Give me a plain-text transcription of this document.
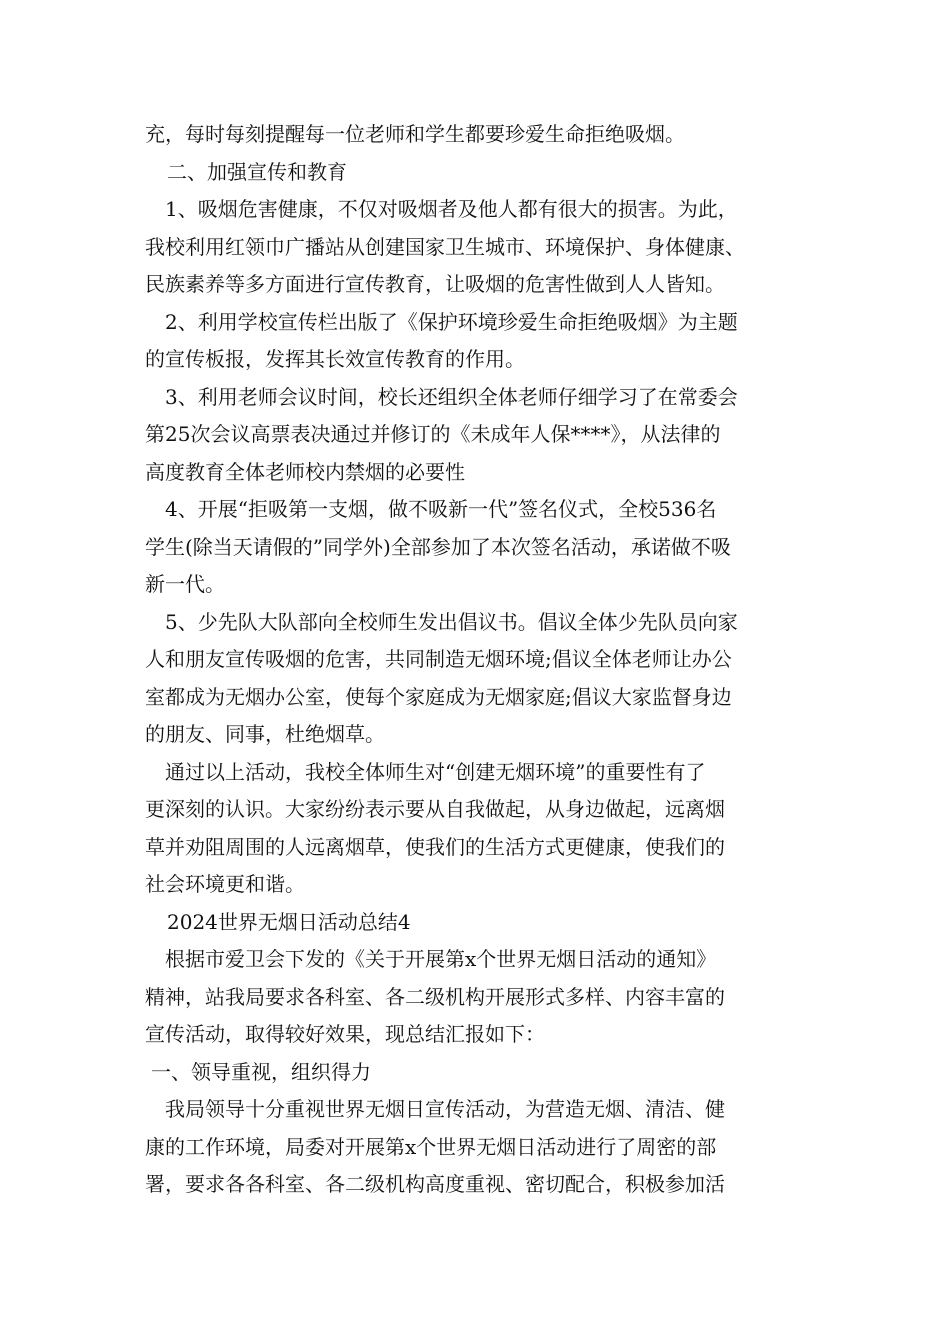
充，每时每刻提醒每一位老师和学生都要珍爱生命拒绝吸烟。
二、加强宣传和教育
1、吸烟危害健康，不仅对吸烟者及他人都有很大的损害。为此，
我校利用红领巾广播站从创建国家卫生城市、环境保护、身体健康、
民族素养等多方面进行宣传教育，让吸烟的危害性做到人人皆知。
2、利用学校宣传栏出版了《保护环境珍爱生命拒绝吸烟》为主题
的宣传板报，发挥其长效宣传教育的作用。
3、利用老师会议时间，校长还组织全体老师仔细学习了在常委会
第25次会议高票表决通过并修订的《未成年人保****》，从法律的
高度教育全体老师校内禁烟的必要性
4、开展“拒吸第一支烟，做不吸新一代”签名仪式，全校536名
学生(除当天请假的”同学外)全部参加了本次签名活动，承诺做不吸
新一代。
5、少先队大队部向全校师生发出倡议书。倡议全体少先队员向家
人和朋友宣传吸烟的危害，共同制造无烟环境;倡议全体老师让办公
室都成为无烟办公室，使每个家庭成为无烟家庭;倡议大家监督身边
的朋友、同事，杜绝烟草。
通过以上活动，我校全体师生对“创建无烟环境”的重要性有了
更深刻的认识。大家纷纷表示要从自我做起，从身边做起，远离烟
草并劝阻周围的人远离烟草，使我们的生活方式更健康，使我们的
社会环境更和谐。
2024世界无烟日活动总结4
根据市爱卫会下发的《关于开展第x个世界无烟日活动的通知》
精神，站我局要求各科室、各二级机构开展形式多样、内容丰富的
宣传活动，取得较好效果，现总结汇报如下：
一、领导重视，组织得力
我局领导十分重视世界无烟日宣传活动，为营造无烟、清洁、健
康的工作环境，局委对开展第x个世界无烟日活动进行了周密的部
署，要求各各科室、各二级机构高度重视、密切配合，积极参加活
